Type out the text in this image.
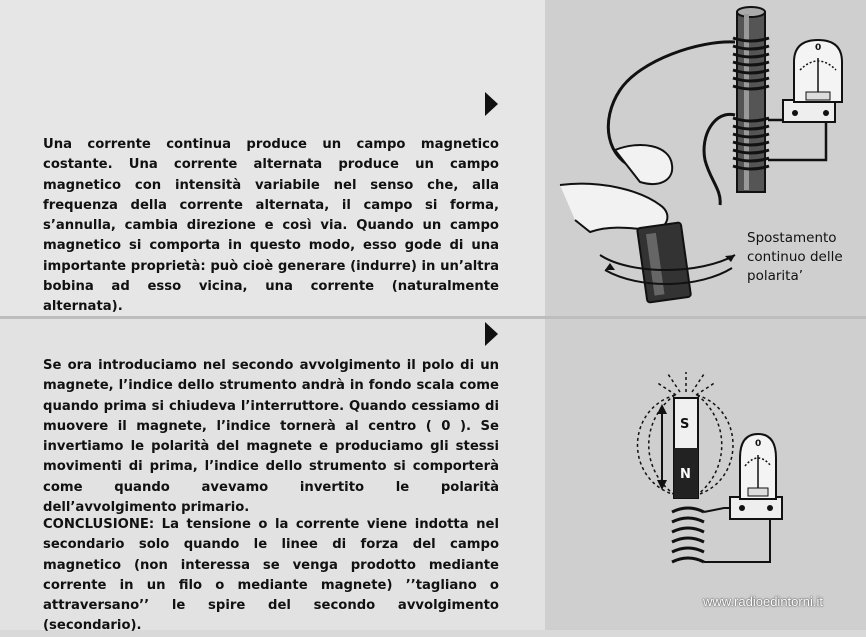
Una corrente continua produce un campo magnetico costante. Una corrente alternata produce un campo magnetico con intensità variabile nel senso che, alla frequenza della corrente alternata, il campo si forma, s’annulla, cambia direzione e così via. Quando un campo magnetico si comporta in questo modo, esso gode di una importante proprietà: può cioè generare (indurre) in un’altra bobina ad esso vicina, una corrente (naturalmente alternata).

Se ora introduciamo nel secondo avvolgimento il polo di un magnete, l’indice dello strumento andrà in fondo scala come quando prima si chiudeva l’interruttore. Quando cessiamo di muovere il magnete, l’indice tornerà al centro ( 0 ). Se invertiamo le polarità del magnete e produciamo gli stessi movimenti di prima, l’indice dello strumento si comporterà come quando avevamo invertito le polarità dell’avvolgimento primario.

CONCLUSIONE: La tensione o la corrente viene indotta nel secondario solo quando le linee di forza del campo magnetico (non interessa se venga prodotto mediante corrente in un filo o mediante magnete) ’’tagliano o attraversano’’ le spire del secondo avvolgimento (secondario).

0
S
N
0
Spostamento
continuo delle
polarita’
www.radioedintorni.it
